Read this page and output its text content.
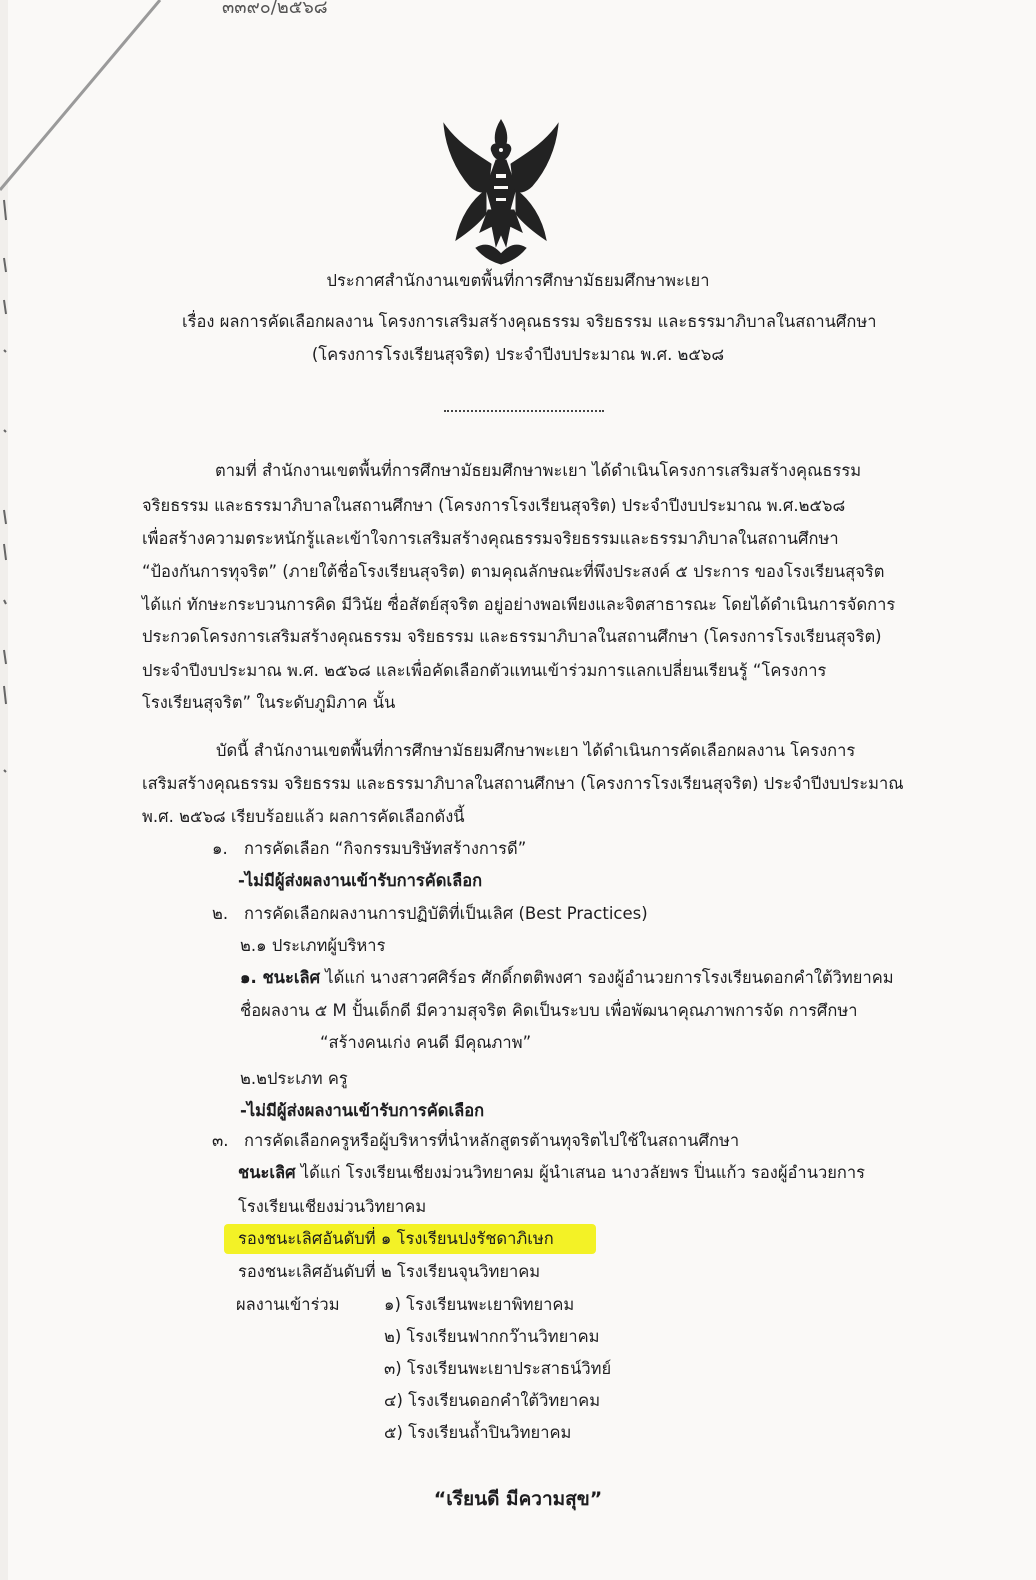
๓๓๙๐/๒๕๖๘

ประกาศสำนักงานเขตพื้นที่การศึกษามัธยมศึกษาพะเยา

เรื่อง ผลการคัดเลือกผลงาน โครงการเสริมสร้างคุณธรรม จริยธรรม และธรรมาภิบาลในสถานศึกษา

(โครงการโรงเรียนสุจริต) ประจำปีงบประมาณ พ.ศ. ๒๕๖๘

ตามที่ สำนักงานเขตพื้นที่การศึกษามัธยมศึกษาพะเยา ได้ดำเนินโครงการเสริมสร้างคุณธรรม

จริยธรรม และธรรมาภิบาลในสถานศึกษา (โครงการโรงเรียนสุจริต) ประจำปีงบประมาณ พ.ศ.๒๕๖๘

เพื่อสร้างความตระหนักรู้และเข้าใจการเสริมสร้างคุณธรรมจริยธรรมและธรรมาภิบาลในสถานศึกษา

“ป้องกันการทุจริต” (ภายใต้ชื่อโรงเรียนสุจริต) ตามคุณลักษณะที่พึงประสงค์ ๕ ประการ ของโรงเรียนสุจริต

ได้แก่ ทักษะกระบวนการคิด มีวินัย ซื่อสัตย์สุจริต อยู่อย่างพอเพียงและจิตสาธารณะ โดยได้ดำเนินการจัดการ

ประกวดโครงการเสริมสร้างคุณธรรม จริยธรรม และธรรมาภิบาลในสถานศึกษา (โครงการโรงเรียนสุจริต)

ประจำปีงบประมาณ พ.ศ. ๒๕๖๘ และเพื่อคัดเลือกตัวแทนเข้าร่วมการแลกเปลี่ยนเรียนรู้ “โครงการ

โรงเรียนสุจริต” ในระดับภูมิภาค นั้น

บัดนี้ สำนักงานเขตพื้นที่การศึกษามัธยมศึกษาพะเยา ได้ดำเนินการคัดเลือกผลงาน โครงการ

เสริมสร้างคุณธรรม จริยธรรม และธรรมาภิบาลในสถานศึกษา (โครงการโรงเรียนสุจริต) ประจำปีงบประมาณ

พ.ศ. ๒๕๖๘ เรียบร้อยแล้ว ผลการคัดเลือกดังนี้

๑. การคัดเลือก “กิจกรรมบริษัทสร้างการดี”

-ไม่มีผู้ส่งผลงานเข้ารับการคัดเลือก

๒. การคัดเลือกผลงานการปฏิบัติที่เป็นเลิศ (Best Practices)

๒.๑ ประเภทผู้บริหาร

๑. ชนะเลิศ ได้แก่ นางสาวศศิร์อร ศักดิ์กตติพงศา รองผู้อำนวยการโรงเรียนดอกคำใต้วิทยาคม

ชื่อผลงาน ๕ M ปั้นเด็กดี มีความสุจริต คิดเป็นระบบ เพื่อพัฒนาคุณภาพการจัด การศึกษา

“สร้างคนเก่ง คนดี มีคุณภาพ”

๒.๒ประเภท ครู

-ไม่มีผู้ส่งผลงานเข้ารับการคัดเลือก

๓. การคัดเลือกครูหรือผู้บริหารที่นำหลักสูตรต้านทุจริตไปใช้ในสถานศึกษา

ชนะเลิศ ได้แก่ โรงเรียนเชียงม่วนวิทยาคม ผู้นำเสนอ นางวลัยพร ปิ่นแก้ว รองผู้อำนวยการ

โรงเรียนเชียงม่วนวิทยาคม

รองชนะเลิศอันดับที่ ๑ โรงเรียนปงรัชดาภิเษก

รองชนะเลิศอันดับที่ ๒ โรงเรียนจุนวิทยาคม

ผลงานเข้าร่วม	๑) โรงเรียนพะเยาพิทยาคม

๒) โรงเรียนฟากกว๊านวิทยาคม

๓) โรงเรียนพะเยาประสาธน์วิทย์

๔) โรงเรียนดอกคำใต้วิทยาคม

๕) โรงเรียนถ้ำปินวิทยาคม

“เรียนดี มีความสุข”
